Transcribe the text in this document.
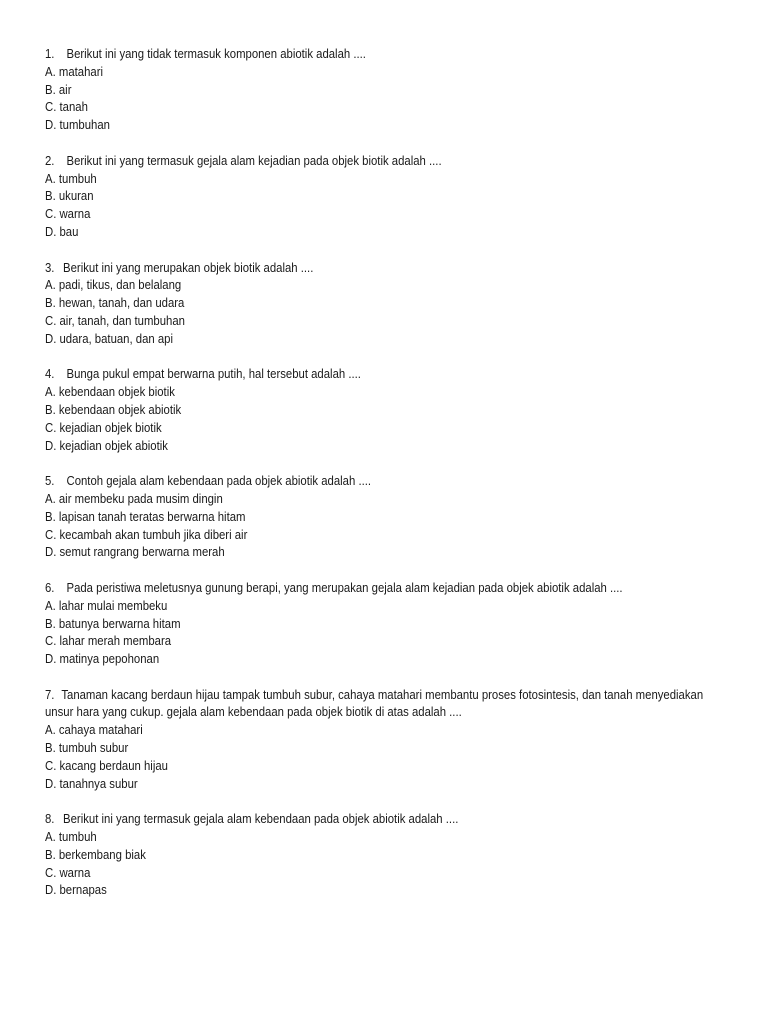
1. Berikut ini yang tidak termasuk komponen abiotik adalah ....

A. matahari

B. air

C. tanah

D. tumbuhan

2. Berikut ini yang termasuk gejala alam kejadian pada objek biotik adalah ....

A. tumbuh

B. ukuran

C. warna

D. bau

3. Berikut ini yang merupakan objek biotik adalah ....

A. padi, tikus, dan belalang

B. hewan, tanah, dan udara

C. air, tanah, dan tumbuhan

D. udara, batuan, dan api

4. Bunga pukul empat berwarna putih, hal tersebut adalah ....

A. kebendaan objek biotik

B. kebendaan objek abiotik

C. kejadian objek biotik

D. kejadian objek abiotik

5. Contoh gejala alam kebendaan pada objek abiotik adalah ....

A. air membeku pada musim dingin

B. lapisan tanah teratas berwarna hitam

C. kecambah akan tumbuh jika diberi air

D. semut rangrang berwarna merah

6. Pada peristiwa meletusnya gunung berapi, yang merupakan gejala alam kejadian pada objek abiotik adalah ....

A. lahar mulai membeku

B. batunya berwarna hitam

C. lahar merah membara

D. matinya pepohonan

7. Tanaman kacang berdaun hijau tampak tumbuh subur, cahaya matahari membantu proses fotosintesis, dan tanah menyediakan unsur hara yang cukup. gejala alam kebendaan pada objek biotik di atas adalah ....

A. cahaya matahari

B. tumbuh subur

C. kacang berdaun hijau

D. tanahnya subur

8. Berikut ini yang termasuk gejala alam kebendaan pada objek abiotik adalah ....

A. tumbuh

B. berkembang biak

C. warna

D. bernapas
